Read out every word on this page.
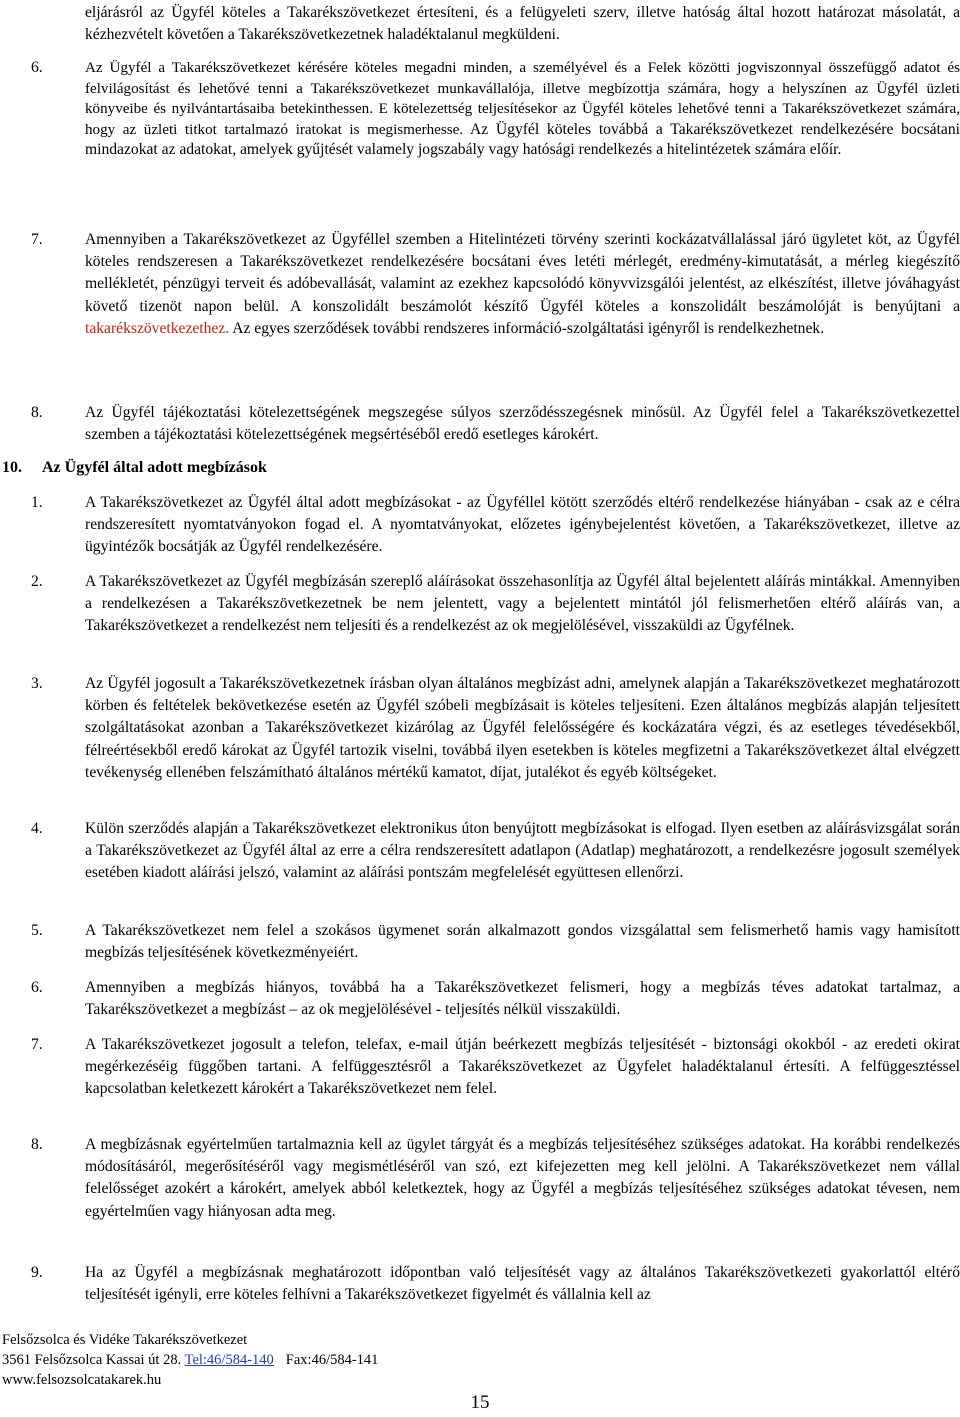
eljárásról az Ügyfél köteles a Takarékszövetkezet értesíteni, és a felügyeleti szerv, illetve hatóság által hozott határozat másolatát, a kézhezvételt követően a Takarékszövetkezetnek haladéktalanul megküldeni.
6.	Az Ügyfél a Takarékszövetkezet kérésére köteles megadni minden, a személyével és a Felek közötti jogviszonnyal összefüggő adatot és felvilágosítást és lehetővé tenni a Takarékszövetkezet munkavállalója, illetve megbízottja számára, hogy a helyszínen az Ügyfél üzleti könyveibe és nyilvántartásaiba betekinthessen. E kötelezettség teljesítésekor az Ügyfél köteles lehetővé tenni a Takarékszövetkezet számára, hogy az üzleti titkot tartalmazó iratokat is megismerhesse. Az Ügyfél köteles továbbá a Takarékszövetkezet rendelkezésére bocsátani mindazokat az adatokat, amelyek gyűjtését valamely jogszabály vagy hatósági rendelkezés a hitelintézetek számára előír.
7.	Amennyiben a Takarékszövetkezet az Ügyféllel szemben a Hitelintézeti törvény szerinti kockázatvállalással járó ügyletet köt, az Ügyfél köteles rendszeresen a Takarékszövetkezet rendelkezésére bocsátani éves letéti mérlegét, eredmény-kimutatását, a mérleg kiegészítő mellékletét, pénzügyi terveit és adóbevallását, valamint az ezekhez kapcsolódó könyvvizsgálói jelentést, az elkészítést, illetve jóváhagyást követő tizenöt napon belül. A konszolidált beszámolót készítő Ügyfél köteles a konszolidált beszámolóját is benyújtani a takarékszövetkezethez. Az egyes szerződések további rendszeres információ-szolgáltatási igényről is rendelkezhetnek.
8.	Az Ügyfél tájékoztatási kötelezettségének megszegése súlyos szerződésszegésnek minősül. Az Ügyfél felel a Takarékszövetkezettel szemben a tájékoztatási kötelezettségének megsértéséből eredő esetleges károkért.
10. Az Ügyfél által adott megbízások
1.	A Takarékszövetkezet az Ügyfél által adott megbízásokat - az Ügyféllel kötött szerződés eltérő rendelkezése hiányában - csak az e célra rendszeresített nyomtatványokon fogad el. A nyomtatványokat, előzetes igénybejelentést követően, a Takarékszövetkezet, illetve az ügyintézők bocsátják az Ügyfél rendelkezésére.
2.	A Takarékszövetkezet az Ügyfél megbízásán szereplő aláírásokat összehasonlítja az Ügyfél által bejelentett aláírás mintákkal. Amennyiben a rendelkezésen a Takarékszövetkezetnek be nem jelentett, vagy a bejelentett mintától jól felismerhetően eltérő aláírás van, a Takarékszövetkezet a rendelkezést nem teljesíti és a rendelkezést az ok megjelölésével, visszaküldi az Ügyfélnek.
3.	Az Ügyfél jogosult a Takarékszövetkezetnek írásban olyan általános megbízást adni, amelynek alapján a Takarékszövetkezet meghatározott körben és feltételek bekövetkezése esetén az Ügyfél szóbeli megbízásait is köteles teljesíteni. Ezen általános megbízás alapján teljesített szolgáltatásokat azonban a Takarékszövetkezet kizárólag az Ügyfél felelősségére és kockázatára végzi, és az esetleges tévedésekből, félreértésekből eredő károkat az Ügyfél tartozik viselni, továbbá ilyen esetekben is köteles megfizetni a Takarékszövetkezet által elvégzett tevékenység ellenében felszámítható általános mértékű kamatot, díjat, jutalékot és egyéb költségeket.
4.	Külön szerződés alapján a Takarékszövetkezet elektronikus úton benyújtott megbízásokat is elfogad. Ilyen esetben az aláírásvizsgálat során a Takarékszövetkezet az Ügyfél által az erre a célra rendszeresített adatlapon (Adatlap) meghatározott, a rendelkezésre jogosult személyek esetében kiadott aláírási jelszó, valamint az aláírási pontszám megfelelését együttesen ellenőrzi.
5.	A Takarékszövetkezet nem felel a szokásos ügymenet során alkalmazott gondos vizsgálattal sem felismerhető hamis vagy hamisított megbízás teljesítésének következményeiért.
6.	Amennyiben a megbízás hiányos, továbbá ha a Takarékszövetkezet felismeri, hogy a megbízás téves adatokat tartalmaz, a Takarékszövetkezet a megbízást – az ok megjelölésével - teljesítés nélkül visszaküldi.
7.	A Takarékszövetkezet jogosult a telefon, telefax, e-mail útján beérkezett megbízás teljesítését - biztonsági okokból - az eredeti okirat megérkezéséig függőben tartani. A felfüggesztésről a Takarékszövetkezet az Ügyfelet haladéktalanul értesíti. A felfüggesztéssel kapcsolatban keletkezett károkért a Takarékszövetkezet nem felel.
8.	A megbízásnak egyértelműen tartalmaznia kell az ügylet tárgyát és a megbízás teljesítéséhez szükséges adatokat. Ha korábbi rendelkezés módosításáról, megerősítéséről vagy megismétléséről van szó, ezt kifejezetten meg kell jelölni. A Takarékszövetkezet nem vállal felelősséget azokért a károkért, amelyek abból keletkeztek, hogy az Ügyfél a megbízás teljesítéséhez szükséges adatokat tévesen, nem egyértelműen vagy hiányosan adta meg.
9.	Ha az Ügyfél a megbízásnak meghatározott időpontban való teljesítését vagy az általános Takarékszövetkezeti gyakorlattól eltérő teljesítését igényli, erre köteles felhívni a Takarékszövetkezet figyelmét és vállalnia kell az
Felsőzsolca és Vidéke Takarékszövetkezet
3561 Felsőzsolca Kassai út 28. Tel:46/584-140 Fax:46/584-141
www.felsozsolcatakarek.hu
15
